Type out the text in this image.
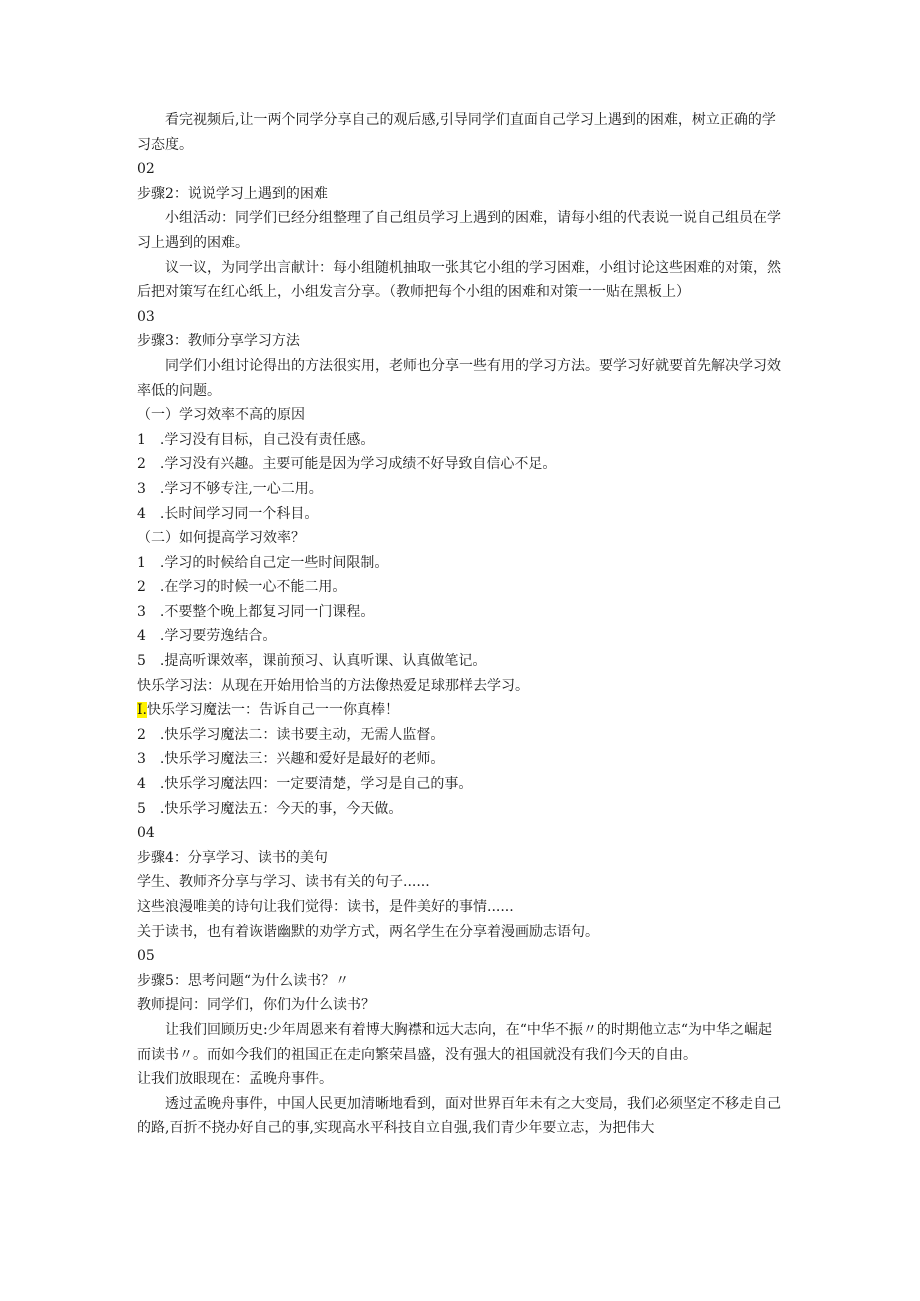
看完视频后,让一两个同学分享自己的观后感,引导同学们直面自己学习上遇到的困难，树立正确的学习态度。

02

步骤2：说说学习上遇到的困难

小组活动：同学们已经分组整理了自己组员学习上遇到的困难，请每小组的代表说一说自己组员在学习上遇到的困难。

议一议，为同学出言献计：每小组随机抽取一张其它小组的学习困难，小组讨论这些困难的对策，然后把对策写在红心纸上，小组发言分享。（教师把每个小组的困难和对策一一贴在黑板上）

03

步骤3：教师分享学习方法

同学们小组讨论得出的方法很实用，老师也分享一些有用的学习方法。要学习好就要首先解决学习效率低的问题。

（一）学习效率不高的原因

1　.学习没有目标，自己没有责任感。

2　.学习没有兴趣。主要可能是因为学习成绩不好导致自信心不足。

3　.学习不够专注,一心二用。

4　.长时间学习同一个科目。

（二）如何提高学习效率？

1　.学习的时候给自己定一些时间限制。

2　.在学习的时候一心不能二用。

3　.不要整个晚上都复习同一门课程。

4　.学习要劳逸结合。

5　.提高听课效率，课前预习、认真听课、认真做笔记。

快乐学习法：从现在开始用恰当的方法像热爱足球那样去学习。

I.快乐学习魔法一：告诉自己一一你真棒！

2　.快乐学习魔法二：读书要主动，无需人监督。

3　.快乐学习魔法三：兴趣和爱好是最好的老师。

4　.快乐学习魔法四：一定要清楚，学习是自己的事。

5　.快乐学习魔法五：今天的事，今天做。

04

步骤4：分享学习、读书的美句

学生、教师齐分享与学习、读书有关的句子......

这些浪漫唯美的诗句让我们觉得：读书，是件美好的事情......

关于读书，也有着诙谐幽默的劝学方式，两名学生在分享着漫画励志语句。

05

步骤5：思考问题“为什么读书？〃

教师提问：同学们，你们为什么读书？

让我们回顾历史:少年周恩来有着博大胸襟和远大志向，在“中华不振〃的时期他立志“为中华之崛起而读书〃。而如今我们的祖国正在走向繁荣昌盛，没有强大的祖国就没有我们今天的自由。

让我们放眼现在：孟晚舟事件。

透过孟晚舟事件，中国人民更加清晰地看到，面对世界百年未有之大变局，我们必须坚定不移走自己的路,百折不挠办好自己的事,实现高水平科技自立自强,我们青少年要立志，为把伟大
